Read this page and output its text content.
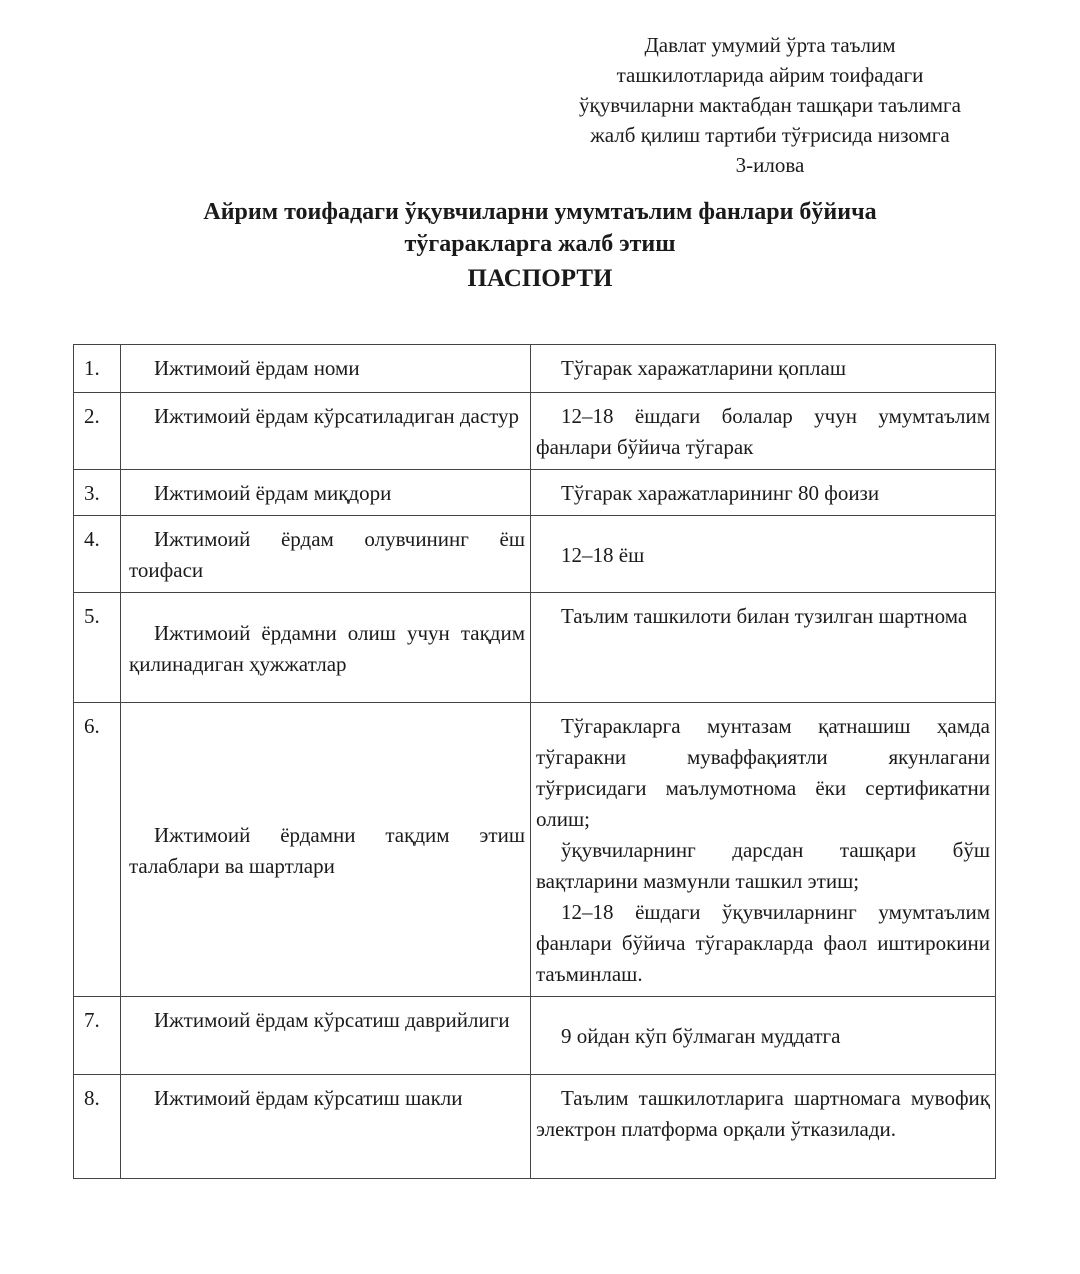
Давлат умумий ўрта таълим
ташкилотларида айрим тоифадаги
ўқувчиларни мактабдан ташқари таълимга
жалб қилиш тартиби тўғрисида низомга
3-илова
Айрим тоифадаги ўқувчиларни умумтаълим фанлари бўйича
тўгаракларга жалб этиш
ПАСПОРТИ
1.	Ижтимоий ёрдам номи	Тўгарак харажатларини қоплаш

2.	Ижтимоий ёрдам кўрсатиладиган дастур	12–18 ёшдаги болалар учун умумтаълим фанлари бўйича тўгарак

3.	Ижтимоий ёрдам миқдори	Тўгарак харажатларининг 80 фоизи

4.	Ижтимоий ёрдам олувчининг ёш тоифаси	12–18 ёш

5.	Ижтимоий ёрдамни олиш учун тақдим қилинадиган ҳужжатлар	Таълим ташкилоти билан тузилган шартнома

6.	Ижтимоий ёрдамни тақдим этиш талаблари ва шартлари	Тўгаракларга мунтазам қатнашиш ҳамда тўгаракни муваффақиятли якунлагани тўғрисидаги маълумотнома ёки сертификатни олиш;
ўқувчиларнинг дарсдан ташқари бўш вақтларини мазмунли ташкил этиш;
12–18 ёшдаги ўқувчиларнинг умумтаълим фанлари бўйича тўгаракларда фаол иштирокини таъминлаш.

7.	Ижтимоий ёрдам кўрсатиш даврийлиги	9 ойдан кўп бўлмаган муддатга

8.	Ижтимоий ёрдам кўрсатиш шакли	Таълим ташкилотларига шартномага мувофиқ электрон платформа орқали ўтказилади.
